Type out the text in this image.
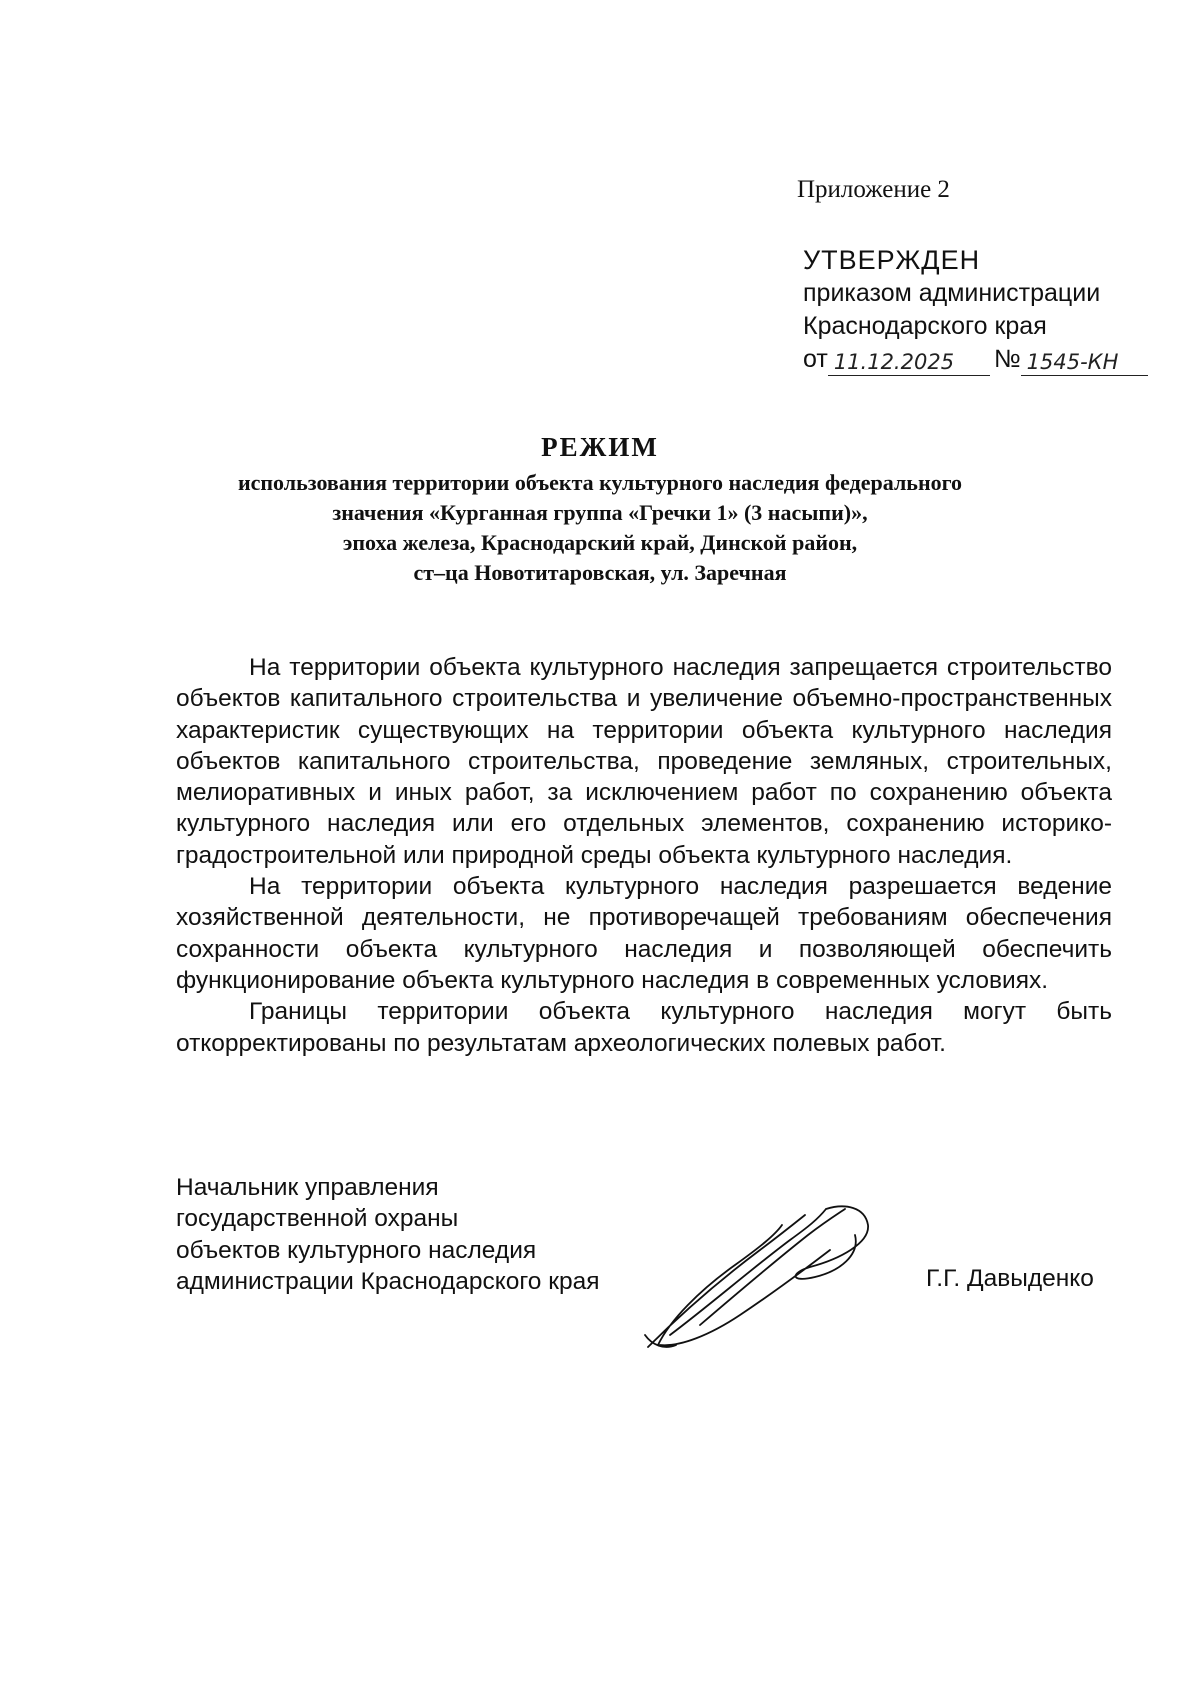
Приложение 2
УТВЕРЖДЕН
приказом администрации
Краснодарского края
от 11.12.2025	№ 1545-КН
РЕЖИМ
использования территории объекта культурного наследия федерального
значения «Курганная группа «Гречки 1» (3 насыпи)»,
эпоха железа, Краснодарский край, Динской район,
ст–ца Новотитаровская, ул. Заречная

На территории объекта культурного наследия запрещается строительство объектов капитального строительства и увеличение объемно-пространственных характеристик существующих на территории объекта культурного наследия объектов капитального строительства, проведение земляных, строительных, мелиоративных и иных работ, за исключением работ по сохранению объекта культурного наследия или его отдельных элементов, сохранению историко-градостроительной или природной среды объекта культурного наследия.

На территории объекта культурного наследия разрешается ведение хозяйственной деятельности, не противоречащей требованиям обеспечения сохранности объекта культурного наследия и позволяющей обеспечить функционирование объекта культурного наследия в современных условиях.

Границы территории объекта культурного наследия могут быть откорректированы по результатам археологических полевых работ.

Начальник управления
государственной охраны
объектов культурного наследия
администрации Краснодарского края	Г.Г. Давыденко
